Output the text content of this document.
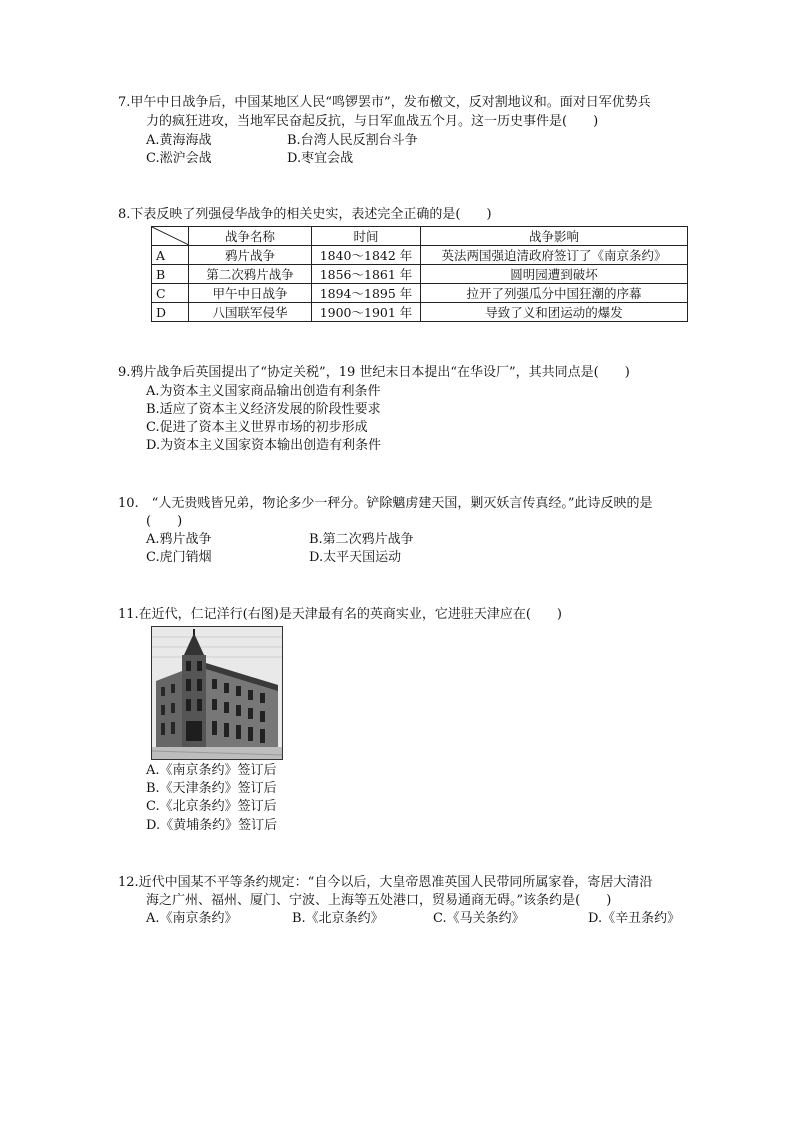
7.甲午中日战争后，中国某地区人民“鸣锣罢市”，发布檄文，反对割地议和。面对日军优势兵
力的疯狂进攻，当地军民奋起反抗，与日军血战五个月。这一历史事件是(　　)
A.黄海海战	B.台湾人民反割台斗争
C.淞沪会战	D.枣宜会战
8.下表反映了列强侵华战争的相关史实，表述完全正确的是(　　)
	战争名称	时间	战争影响
A	鸦片战争	1840～1842 年	英法两国强迫清政府签订了《南京条约》
B	第二次鸦片战争	1856～1861 年	圆明园遭到破坏
C	甲午中日战争	1894～1895 年	拉开了列强瓜分中国狂潮的序幕
D	八国联军侵华	1900～1901 年	导致了义和团运动的爆发
9.鸦片战争后英国提出了“协定关税”，19 世纪末日本提出“在华设厂”，其共同点是(　　)
A.为资本主义国家商品输出创造有利条件
B.适应了资本主义经济发展的阶段性要求
C.促进了资本主义世界市场的初步形成
D.为资本主义国家资本输出创造有利条件
10.　“人无贵贱皆兄弟，物论多少一秤分。铲除魑虏建天国，剿灭妖言传真经。”此诗反映的是
(　　)
A.鸦片战争	B.第二次鸦片战争
C.虎门销烟	D.太平天国运动
11.在近代，仁记洋行(右图)是天津最有名的英商实业，它进驻天津应在(　　)
A.《南京条约》签订后
B.《天津条约》签订后
C.《北京条约》签订后
D.《黄埔条约》签订后
12.近代中国某不平等条约规定：“自今以后，大皇帝恩准英国人民带同所属家眷，寄居大清沿
海之广州、福州、厦门、宁波、上海等五处港口，贸易通商无碍。”该条约是(　　)
A.《南京条约》	B.《北京条约》	C.《马关条约》	D.《辛丑条约》
